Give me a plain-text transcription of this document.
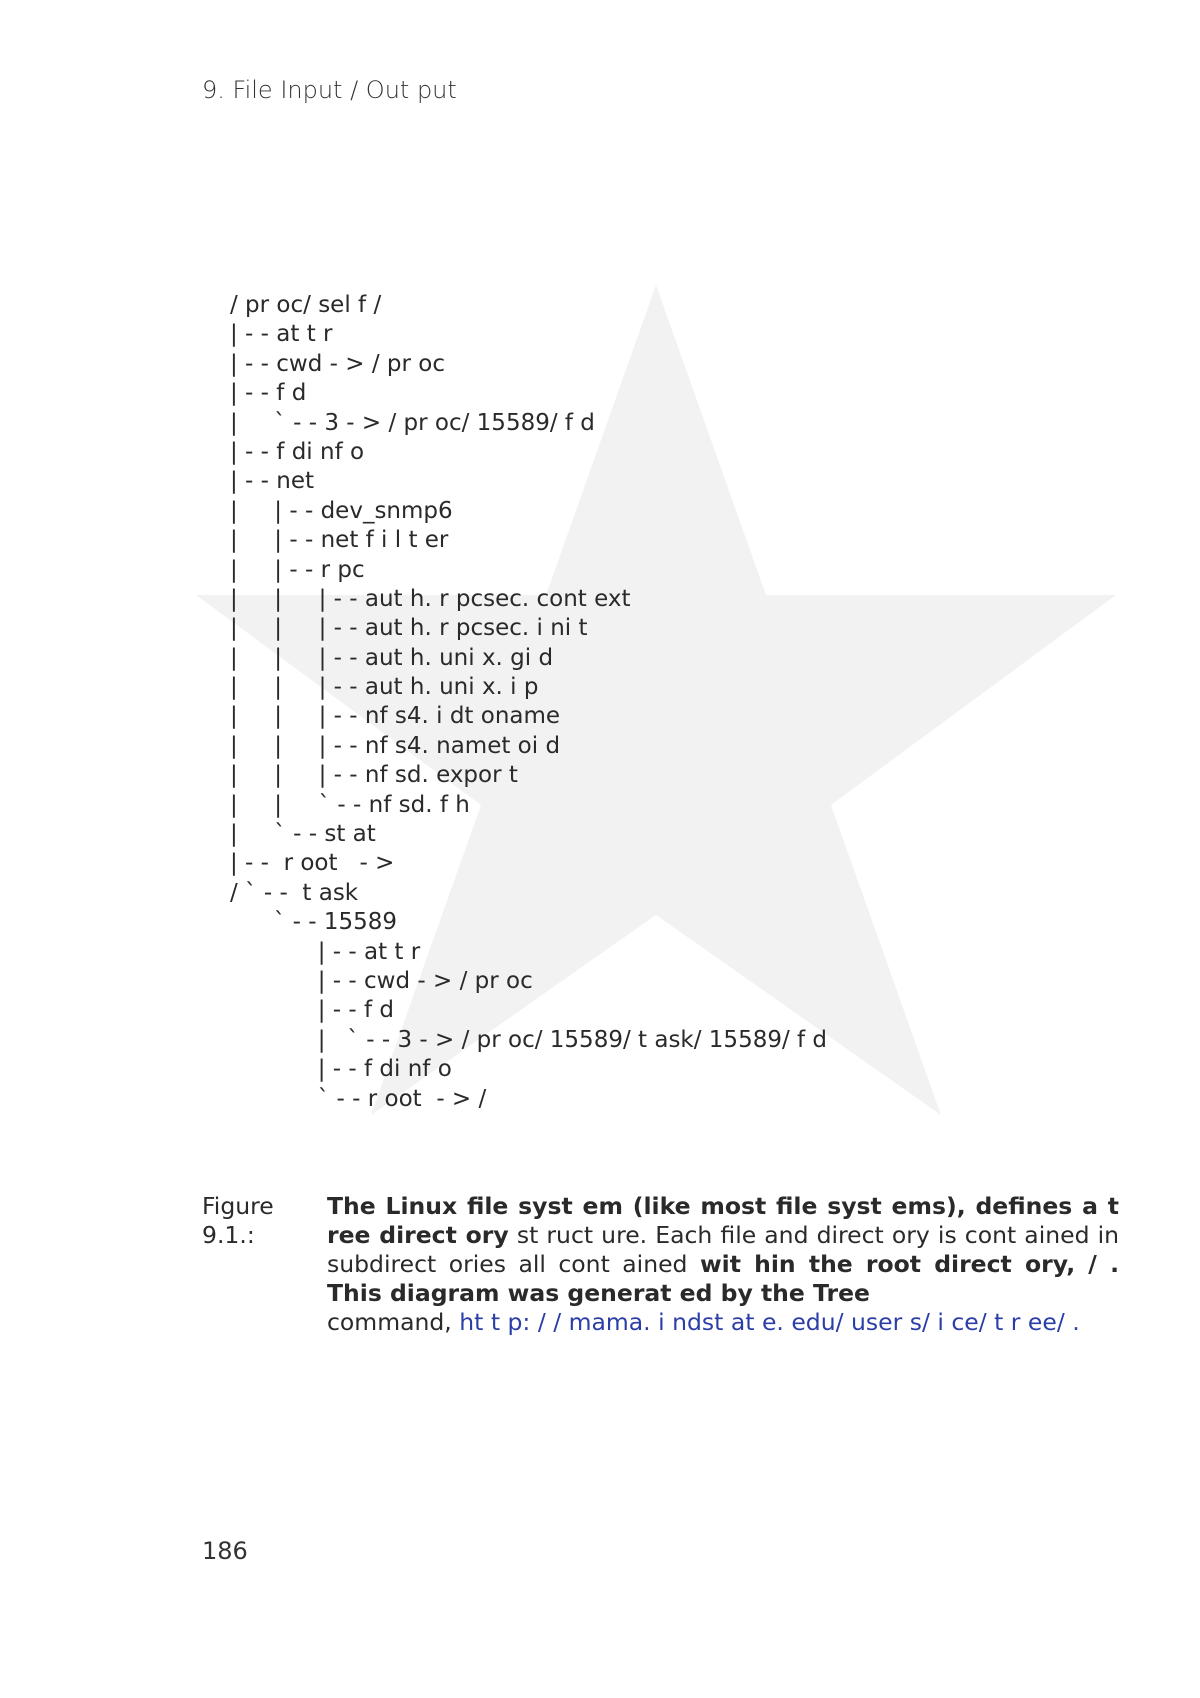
9. File Input / Out put
/ pr oc/ sel f /
| - - at t r
| - - cwd - > / pr oc
| - - f d
|     ` - - 3 - > / pr oc/ 15589/ f d
| - - f di nf o
| - - net
|     | - - dev_snmp6
|     | - - net f i l t er
|     | - - r pc
|     |     | - - aut h. r pcsec. cont ext
|     |     | - - aut h. r pcsec. i ni t
|     |     | - - aut h. uni x. gi d
|     |     | - - aut h. uni x. i p
|     |     | - - nf s4. i dt oname
|     |     | - - nf s4. namet oi d
|     |     | - - nf sd. expor t
|     |     ` - - nf sd. f h
|     ` - - st at
| - -  r oot   - >
/ ` - -  t ask
` - - 15589
| - - at t r
| - - cwd - > / pr oc
| - - f d
|   ` - - 3 - > / pr oc/ 15589/ t ask/ 15589/ f d
| - - f di nf o
` - - r oot  - > /
Figure 9.1.:
The Linux file syst em (like most file syst ems), defines a t ree direct ory st ruct ure. Each file and direct ory is cont ained in subdirect ories all cont ained wit hin the root direct ory, / . This diagram was generat ed by the Tree
command, ht t p: / / mama. i ndst at e. edu/ user s/ i ce/ t r ee/ .
186
